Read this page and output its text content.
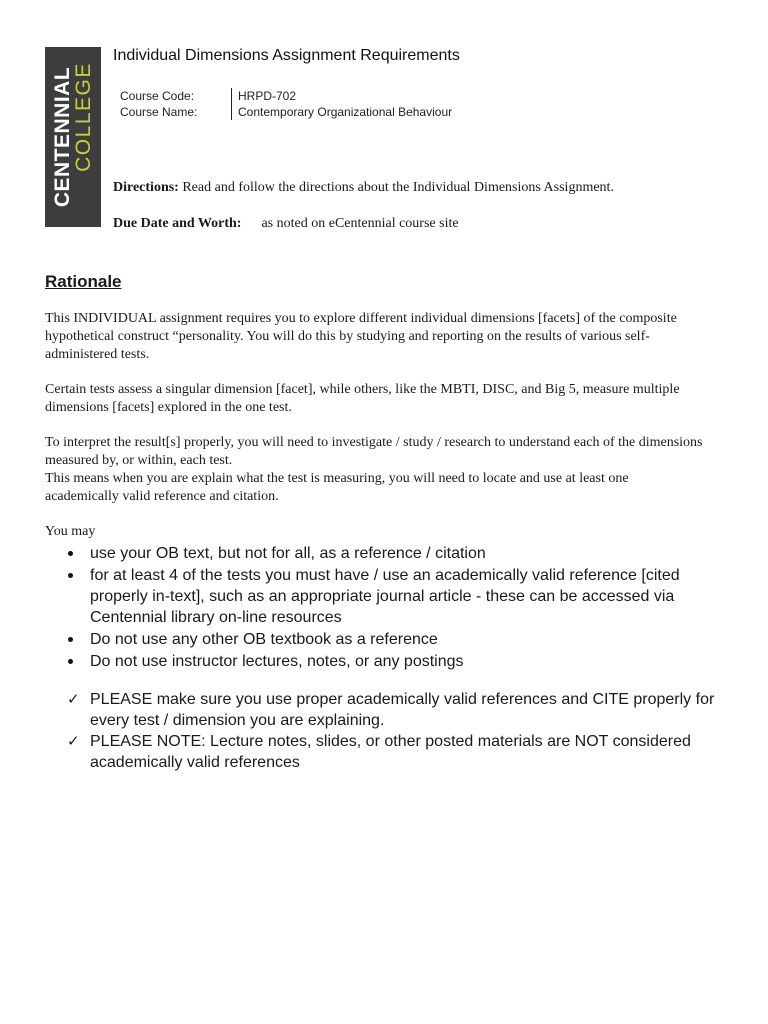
CENTENNIAL
COLLEGE
Individual Dimensions Assignment Requirements
Course Code:	HRPD-702
Course Name:	Contemporary Organizational Behaviour
Directions: Read and follow the directions about the Individual Dimensions Assignment.
Due Date and Worth: as noted on eCentennial course site
Rationale
This INDIVIDUAL assignment requires you to explore different individual dimensions [facets] of the composite hypothetical construct “personality. You will do this by studying and reporting on the results of various self-administered tests.
Certain tests assess a singular dimension [facet], while others, like the MBTI, DISC, and Big 5, measure multiple dimensions [facets] explored in the one test.
To interpret the result[s] properly, you will need to investigate / study / research to understand each of the dimensions measured by, or within, each test.
This means when you are explain what the test is measuring, you will need to locate and use at least one academically valid reference and citation.
You may
use your OB text, but not for all, as a reference / citation
for at least 4 of the tests you must have / use an academically valid reference [cited properly in-text], such as an appropriate journal article - these can be accessed via Centennial library on-line resources
Do not use any other OB textbook as a reference
Do not use instructor lectures, notes, or any postings
✓ PLEASE make sure you use proper academically valid references and CITE properly for every test / dimension you are explaining.
✓ PLEASE NOTE: Lecture notes, slides, or other posted materials are NOT considered academically valid references
